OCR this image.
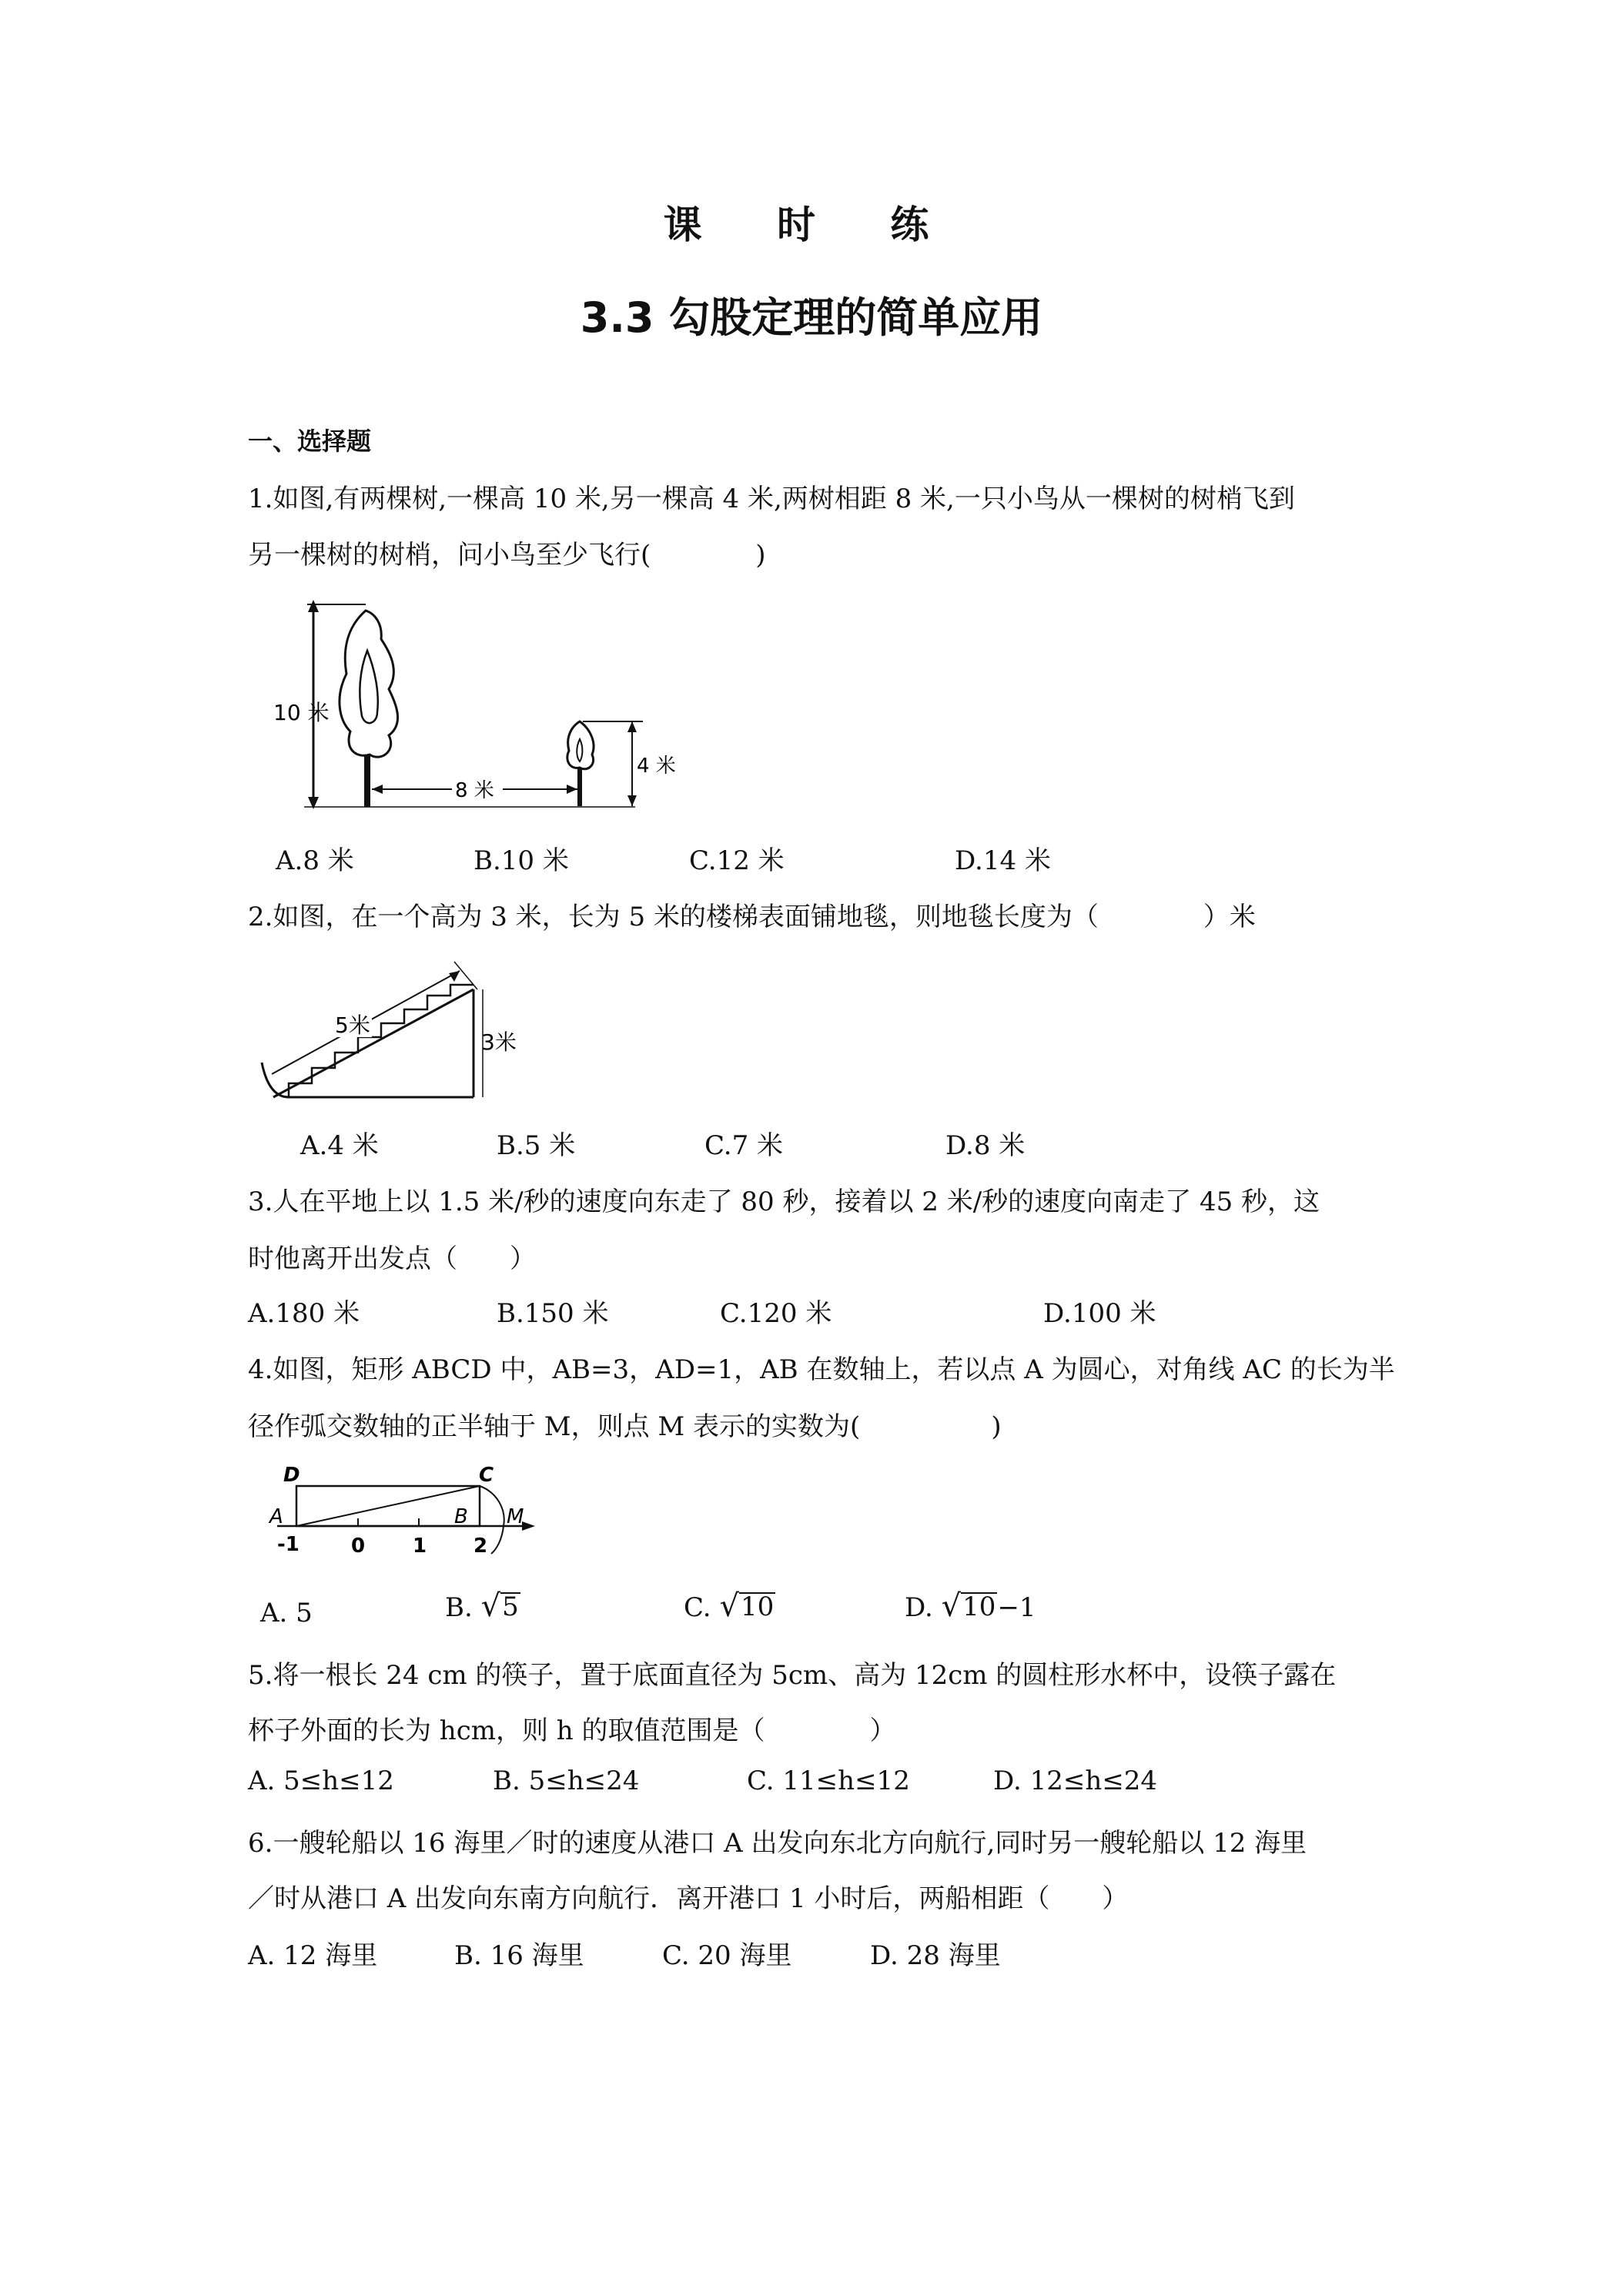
课 时 练
3.3 勾股定理的简单应用
一、选择题
1.如图,有两棵树,一棵高 10 米,另一棵高 4 米,两树相距 8 米,一只小鸟从一棵树的树梢飞到
另一棵树的树梢，问小鸟至少飞行(　　　　)
10 米
8 米
4 米
A.8 米	B.10 米	C.12 米	D.14 米
2.如图，在一个高为 3 米，长为 5 米的楼梯表面铺地毯，则地毯长度为（　　　　）米
5米
3米
A.4 米	B.5 米	C.7 米	D.8 米
3.人在平地上以 1.5 米/秒的速度向东走了 80 秒，接着以 2 米/秒的速度向南走了 45 秒，这
时他离开出发点（　　）
A.180 米	B.150 米	C.120 米	D.100 米
4.如图，矩形 ABCD 中，AB=3，AD=1，AB 在数轴上，若以点 A 为圆心，对角线 AC 的长为半
径作弧交数轴的正半轴于 M，则点 M 表示的实数为(　　　　　)
D	C
A	B M
-1	0 1 2
A. 5	B. √ 5	C. √ 10	D. √ 10 −1
5.将一根长 24 cm 的筷子，置于底面直径为 5cm、高为 12cm 的圆柱形水杯中，设筷子露在
杯子外面的长为 hcm，则 h 的取值范围是（　　　　）
A. 5≤h≤12	B. 5≤h≤24	C. 11≤h≤12	D. 12≤h≤24
6.一艘轮船以 16 海里／时的速度从港口 A 出发向东北方向航行,同时另一艘轮船以 12 海里
／时从港口 A 出发向东南方向航行．离开港口 1 小时后，两船相距（　　）
A. 12 海里	B. 16 海里	C. 20 海里	D. 28 海里
